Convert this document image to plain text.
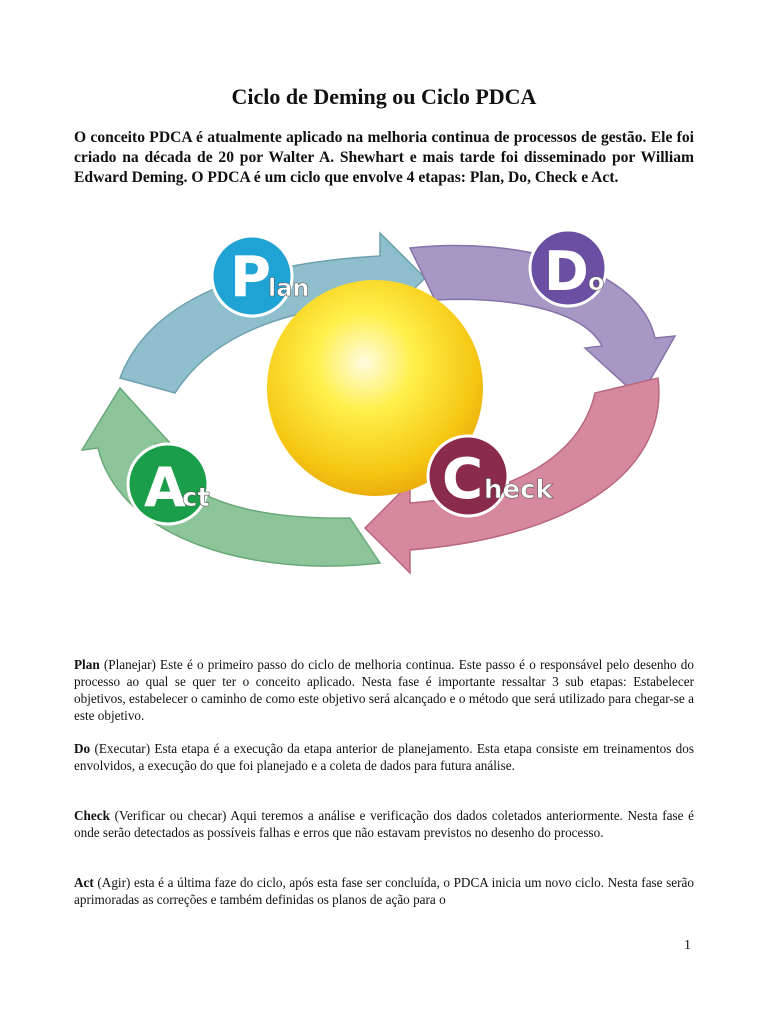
Ciclo de Deming ou Ciclo PDCA
O conceito PDCA é atualmente aplicado na melhoria continua de processos de gestão. Ele foi criado na década de 20 por Walter A. Shewhart e mais tarde foi disseminado por William Edward Deming. O PDCA é um ciclo que envolve 4 etapas: Plan, Do, Check e Act.
P
lan	D o
C heck
A
ct
Plan (Planejar) Este é o primeiro passo do ciclo de melhoria continua. Este passo é o responsável pelo desenho do processo ao qual se quer ter o conceito aplicado. Nesta fase é importante ressaltar 3 sub etapas: Estabelecer objetivos, estabelecer o caminho de como este objetivo será alcançado e o método que será utilizado para chegar-se a este objetivo.
Do (Executar) Esta etapa é a execução da etapa anterior de planejamento. Esta etapa consiste em treinamentos dos envolvidos, a execução do que foi planejado e a coleta de dados para futura análise.
Check (Verificar ou checar) Aqui teremos a análise e verificação dos dados coletados anteriormente. Nesta fase é onde serão detectados as possíveis falhas e erros que não estavam previstos no desenho do processo.
Act (Agir) esta é a última faze do ciclo, após esta fase ser concluída, o PDCA inicia um novo ciclo. Nesta fase serão aprimoradas as correções e também definidas os planos de ação para o
1
